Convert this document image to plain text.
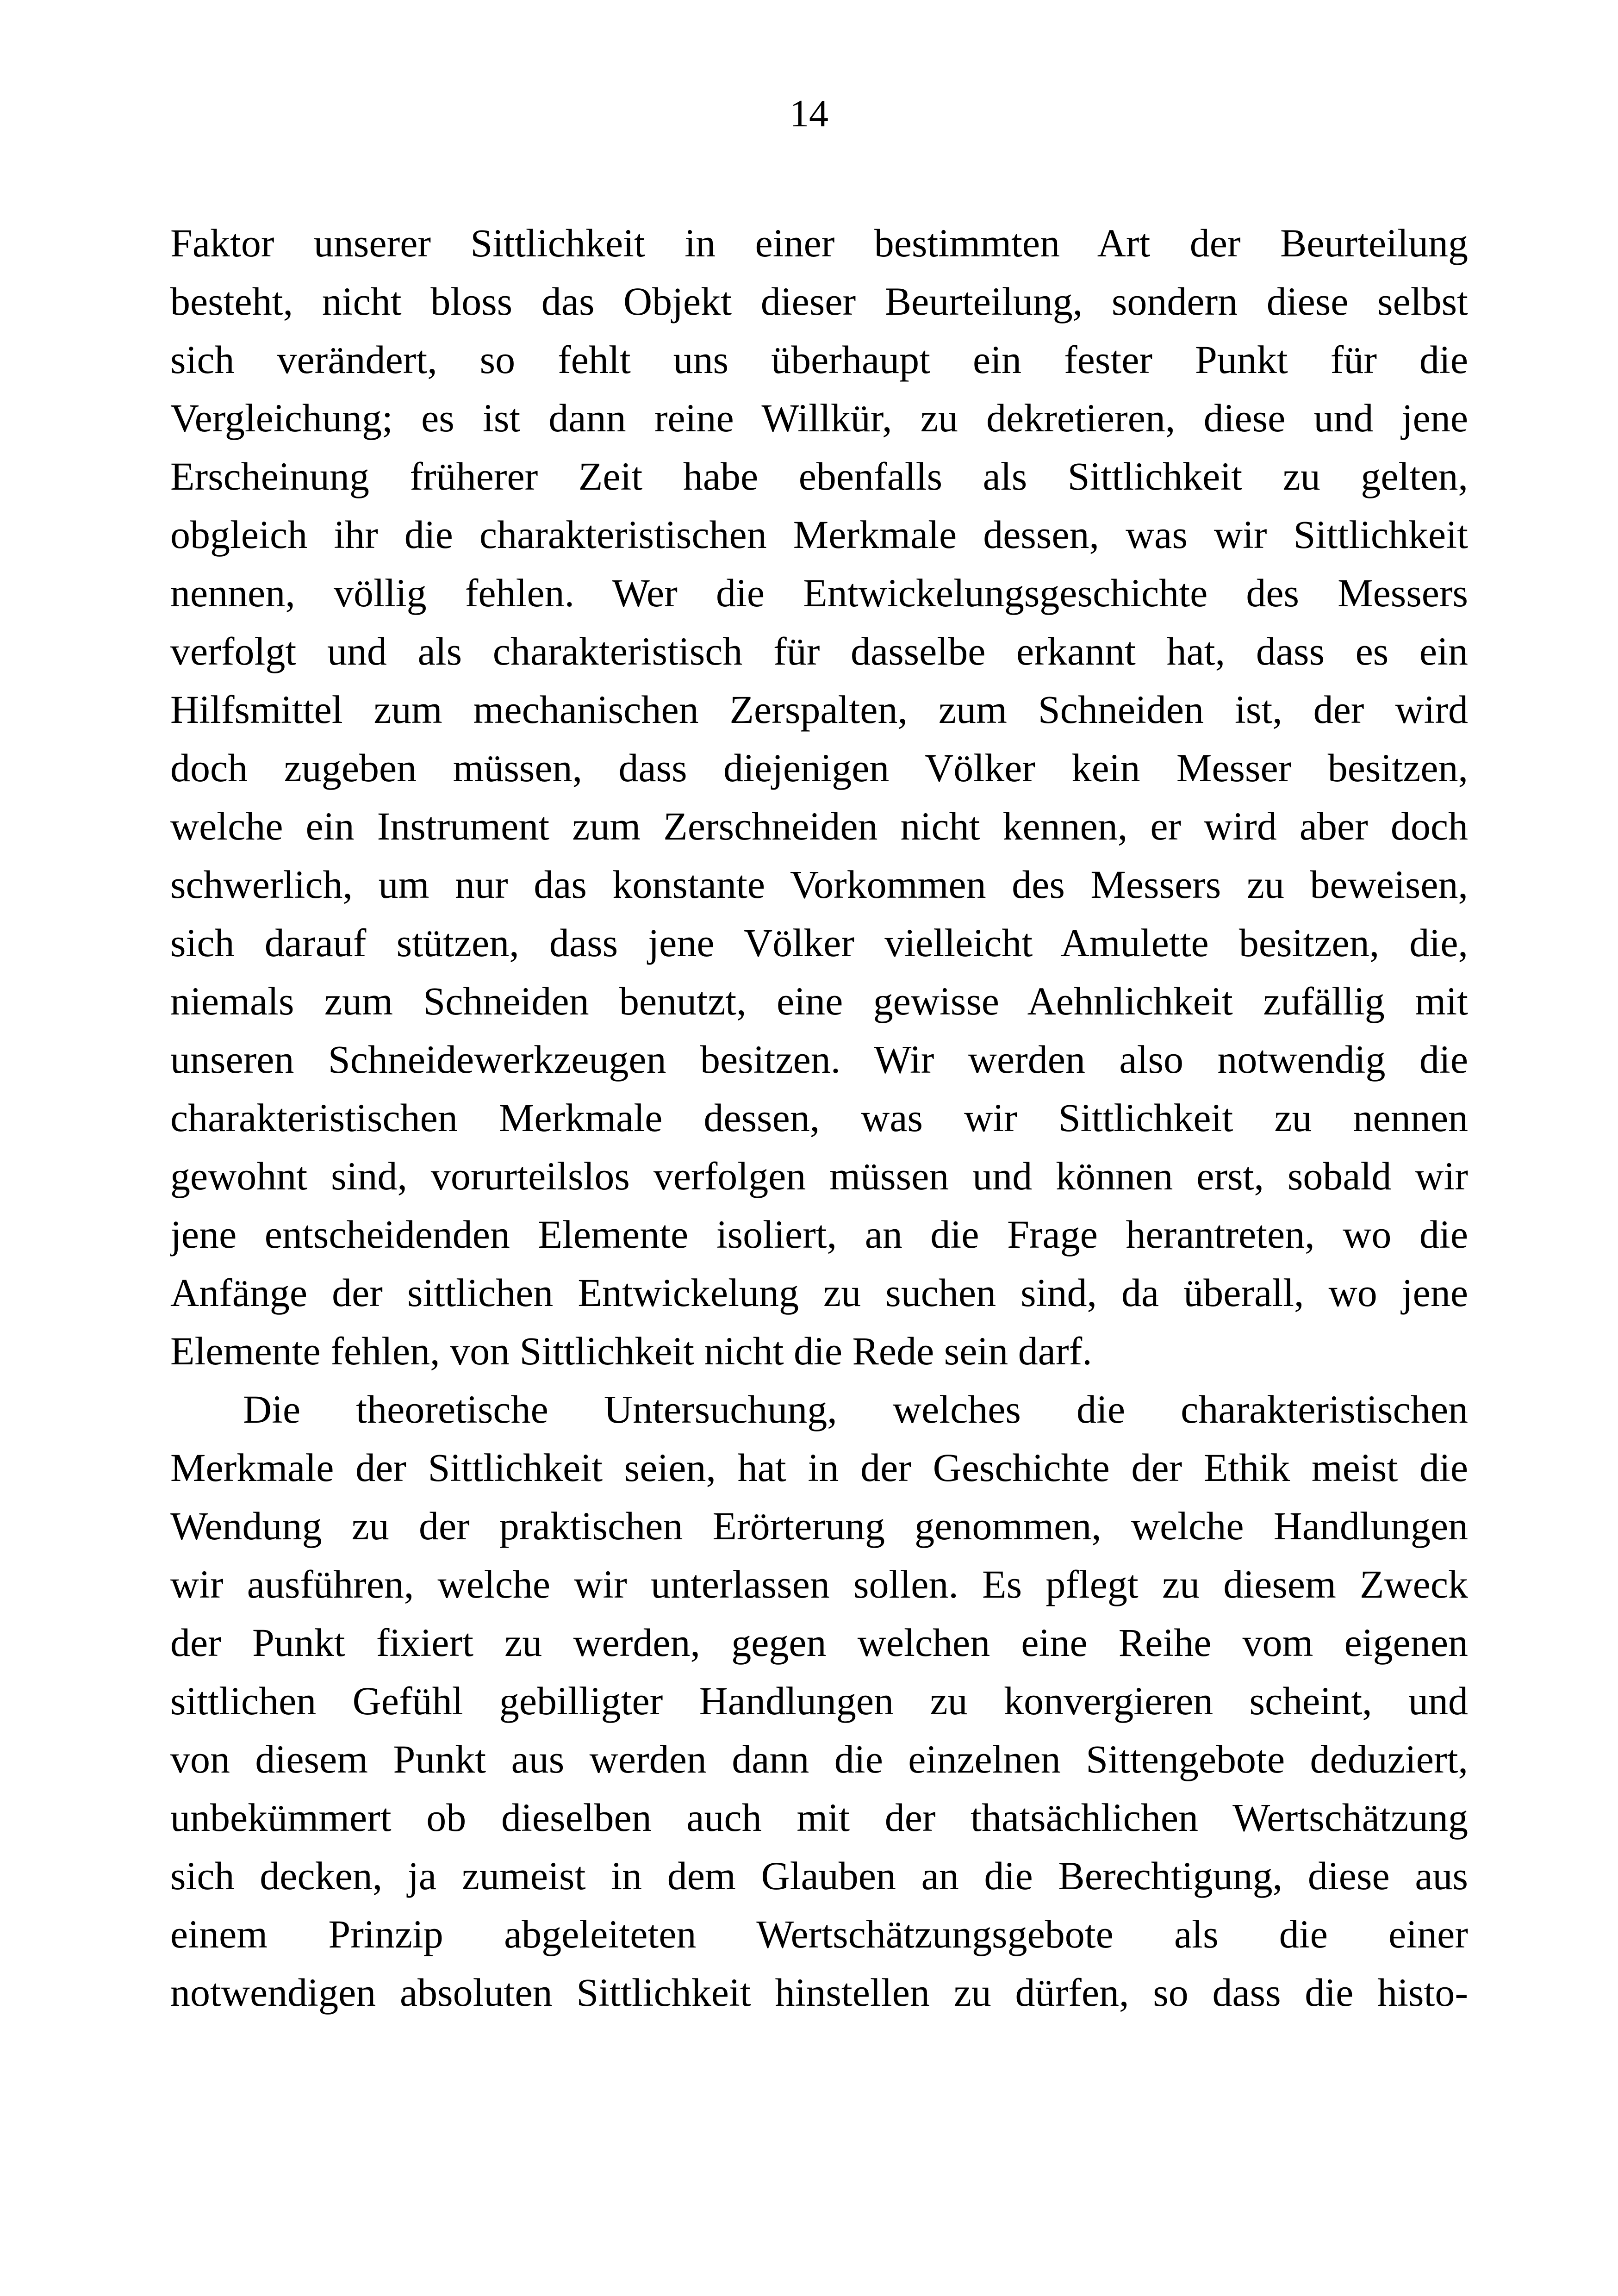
14
Faktor unserer Sittlichkeit in einer bestimmten Art der Beurteilung
besteht, nicht bloss das Objekt dieser Beurteilung, sondern diese selbst
sich verändert, so fehlt uns überhaupt ein fester Punkt für die
Vergleichung; es ist dann reine Willkür, zu dekretieren, diese und jene
Erscheinung früherer Zeit habe ebenfalls als Sittlichkeit zu gelten,
obgleich ihr die charakteristischen Merkmale dessen, was wir Sittlichkeit
nennen, völlig fehlen. Wer die Entwickelungsgeschichte des Messers
verfolgt und als charakteristisch für dasselbe erkannt hat, dass es ein
Hilfsmittel zum mechanischen Zerspalten, zum Schneiden ist, der wird
doch zugeben müssen, dass diejenigen Völker kein Messer besitzen,
welche ein Instrument zum Zerschneiden nicht kennen, er wird aber doch
schwerlich, um nur das konstante Vorkommen des Messers zu beweisen,
sich darauf stützen, dass jene Völker vielleicht Amulette besitzen, die,
niemals zum Schneiden benutzt, eine gewisse Aehnlichkeit zufällig mit
unseren Schneidewerkzeugen besitzen. Wir werden also notwendig die
charakteristischen Merkmale dessen, was wir Sittlichkeit zu nennen
gewohnt sind, vorurteilslos verfolgen müssen und können erst, sobald wir
jene entscheidenden Elemente isoliert, an die Frage herantreten, wo die
Anfänge der sittlichen Entwickelung zu suchen sind, da überall, wo jene
Elemente fehlen, von Sittlichkeit nicht die Rede sein darf.
Die theoretische Untersuchung, welches die charakteristischen
Merkmale der Sittlichkeit seien, hat in der Geschichte der Ethik meist die
Wendung zu der praktischen Erörterung genommen, welche Handlungen
wir ausführen, welche wir unterlassen sollen. Es pflegt zu diesem Zweck
der Punkt fixiert zu werden, gegen welchen eine Reihe vom eigenen
sittlichen Gefühl gebilligter Handlungen zu konvergieren scheint, und
von diesem Punkt aus werden dann die einzelnen Sittengebote deduziert,
unbekümmert ob dieselben auch mit der thatsächlichen Wertschätzung
sich decken, ja zumeist in dem Glauben an die Berechtigung, diese aus
einem Prinzip abgeleiteten Wertschätzungsgebote als die einer
notwendigen absoluten Sittlichkeit hinstellen zu dürfen, so dass die histo-
